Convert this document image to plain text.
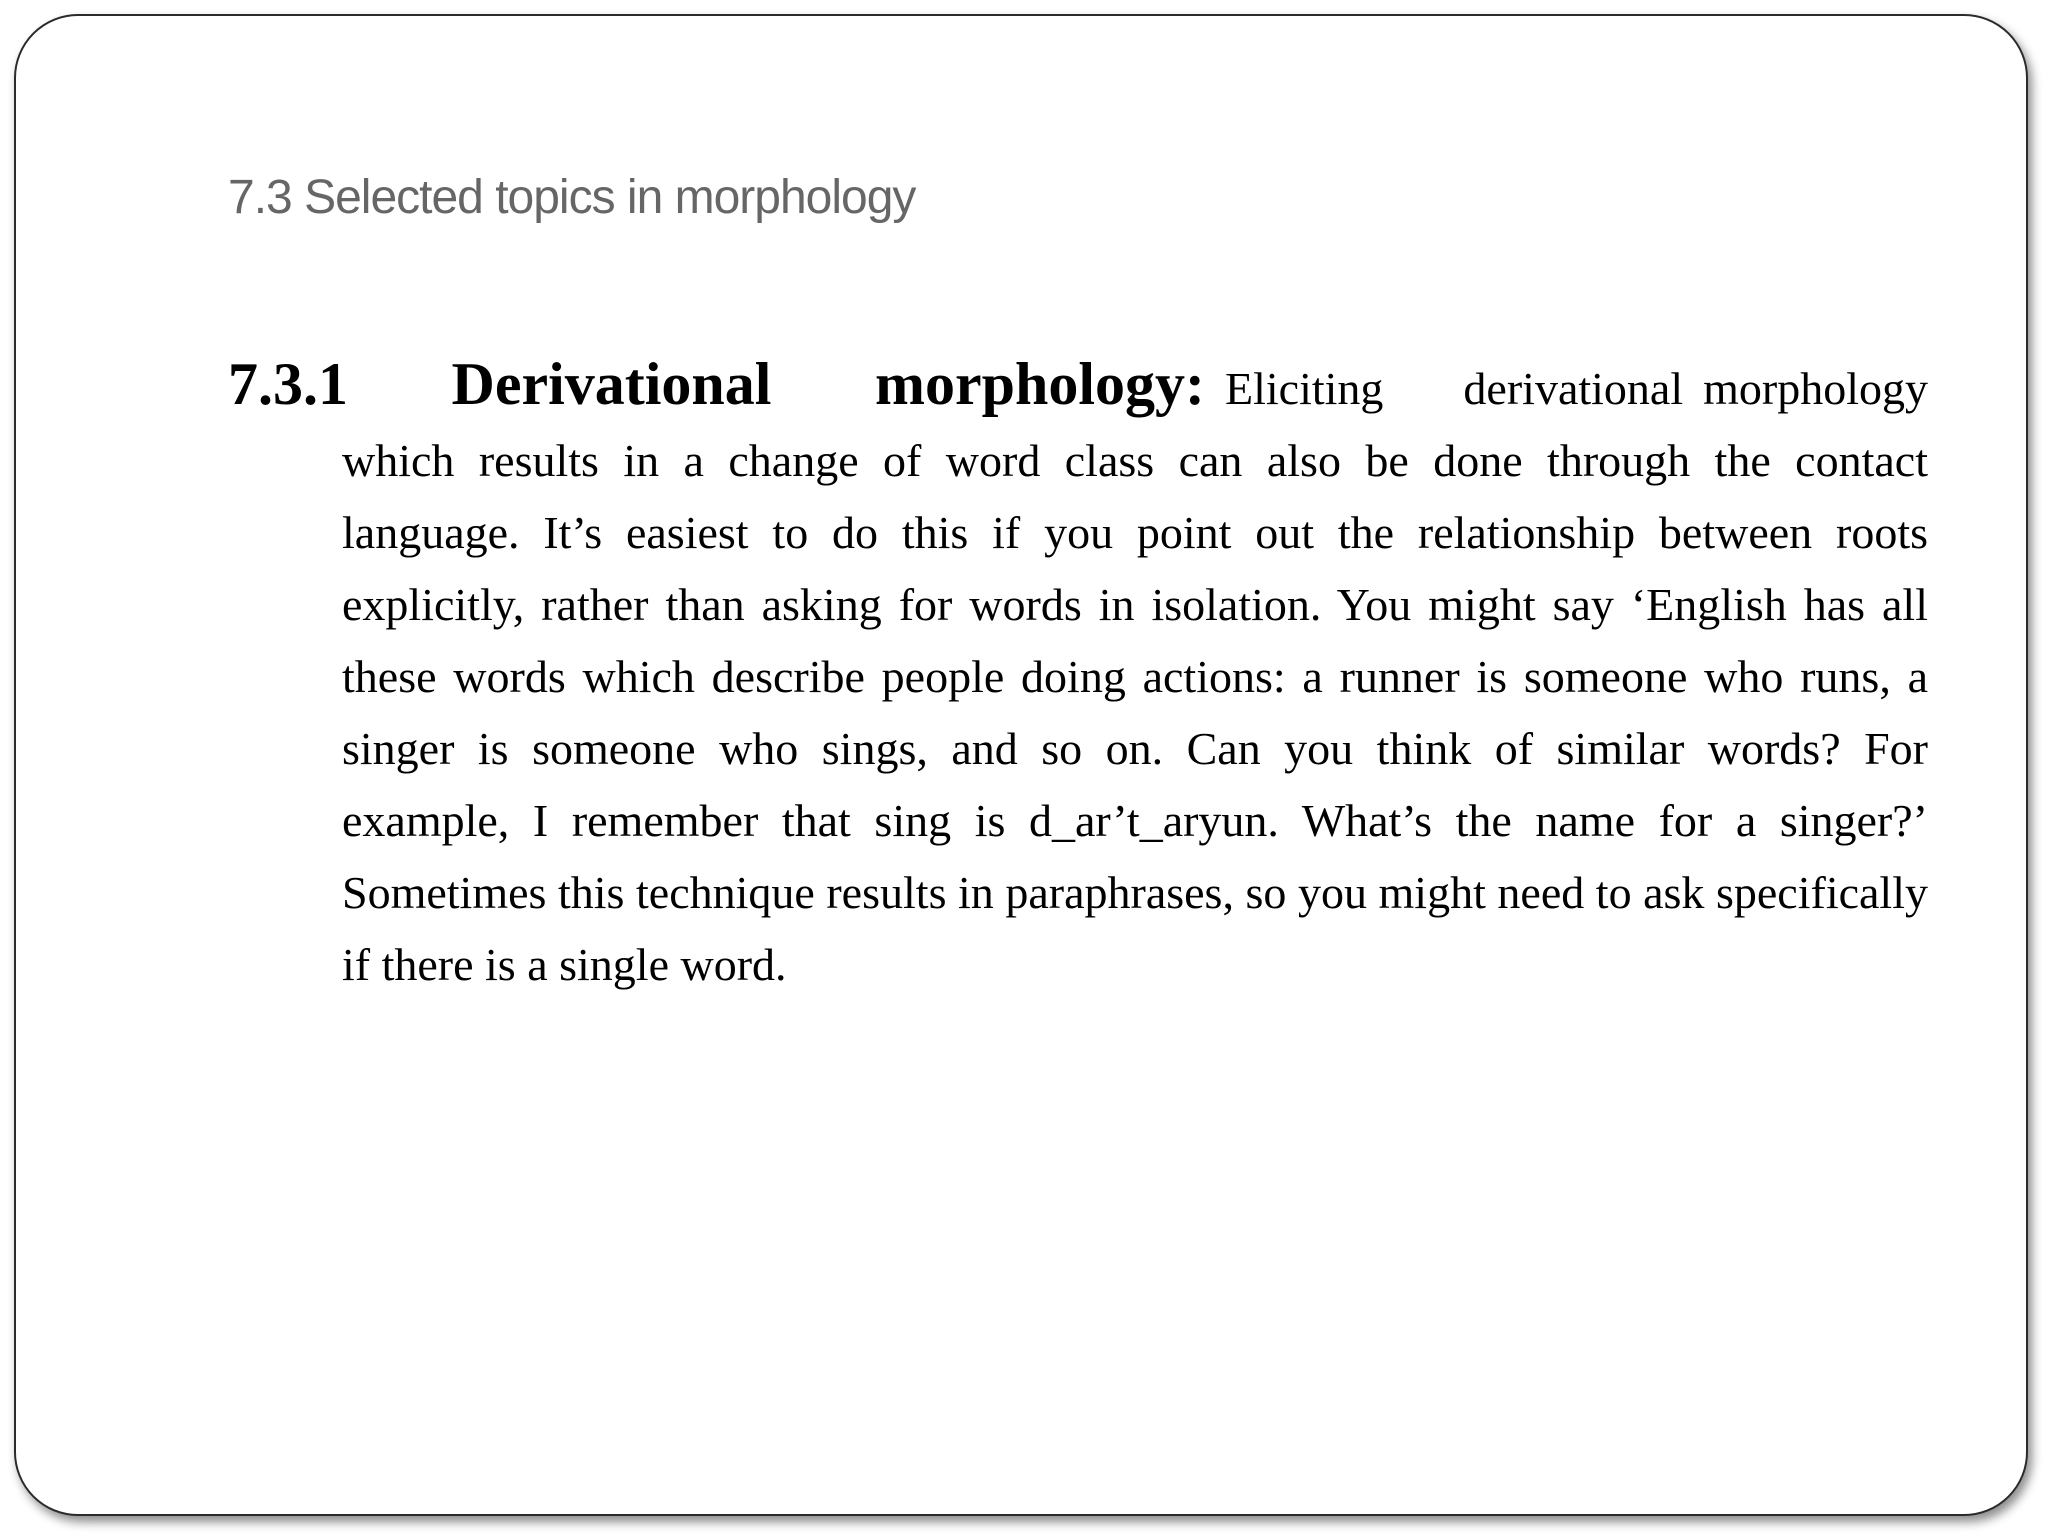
7.3 Selected topics in morphology

7.3.1 Derivational morphology: Eliciting derivational morphology which results in a change of word class can also be done through the contact language. It’s easiest to do this if you point out the relationship between roots explicitly, rather than asking for words in isolation. You might say ‘English has all these words which describe people doing actions: a runner is someone who runs, a singer is someone who sings, and so on. Can you think of similar words? For example, I remember that sing is d_ar’t_aryun. What’s the name for a singer?’ Sometimes this technique results in paraphrases, so you might need to ask specifically if there is a single word.
